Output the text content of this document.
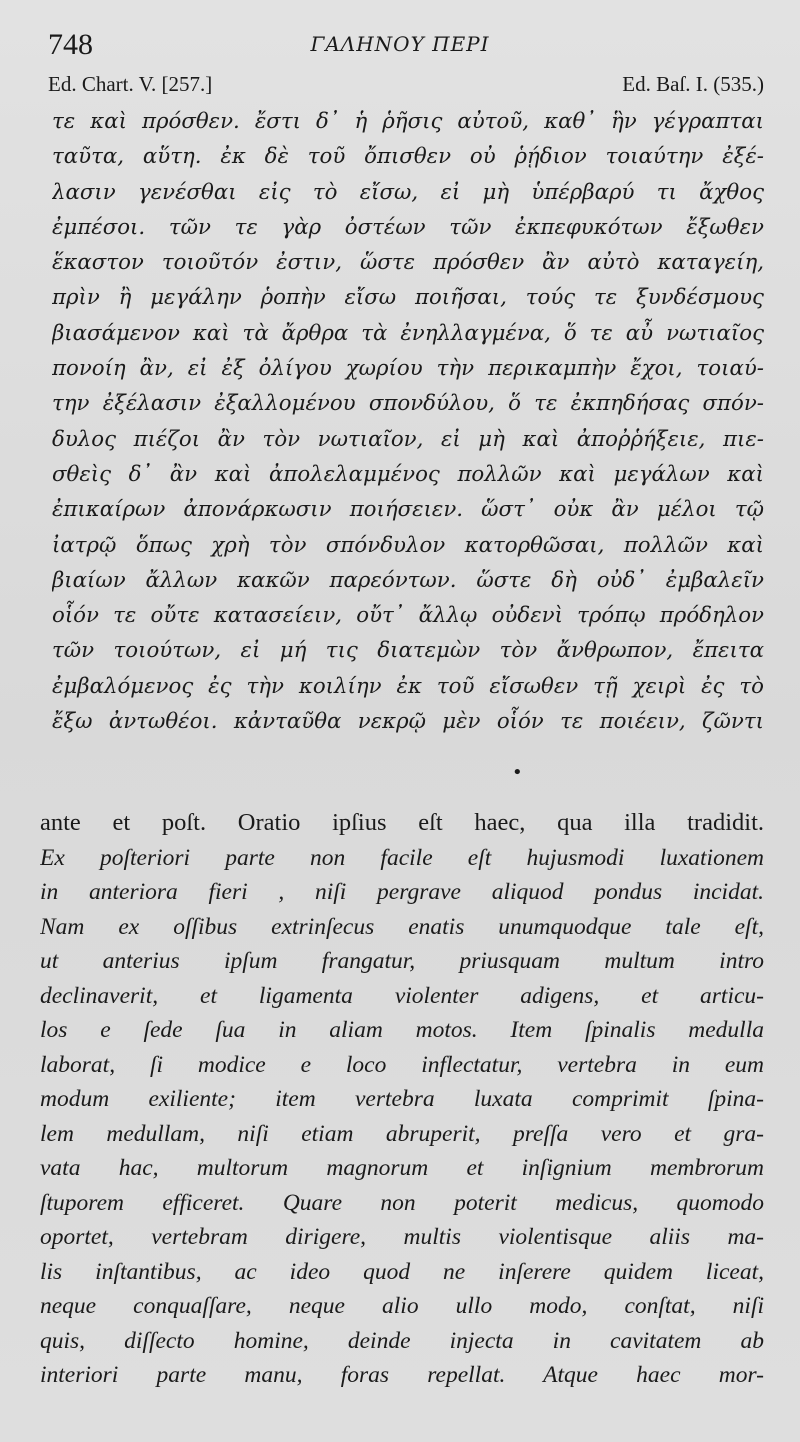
748	ΓΑΛΗΝΟΥ ΠΕΡΙ
Ed. Chart. V. [257.]	Ed. Baſ. I. (535.)
τε καὶ πρόσθεν. ἔστι δ᾽ ἡ ῥῆσις αὐτοῦ, καθ᾽ ἣν γέγραπται
ταῦτα, αὕτη. ἐκ δὲ τοῦ ὄπισθεν οὐ ῥῄδιον τοιαύτην ἐξέ-
λασιν γενέσθαι εἰς τὸ εἴσω, εἰ μὴ ὑπέρβαρύ τι ἄχθος
ἐμπέσοι. τῶν τε γὰρ ὀστέων τῶν ἐκπεφυκότων ἔξωθεν
ἕκαστον τοιοῦτόν ἐστιν, ὥστε πρόσθεν ἂν αὐτὸ καταγείη,
πρὶν ἢ μεγάλην ῥοπὴν εἴσω ποιῆσαι, τούς τε ξυνδέσμους
βιασάμενον καὶ τὰ ἄρθρα τὰ ἐνηλλαγμένα, ὅ τε αὖ νωτιαῖος
πονοίη ἂν, εἰ ἐξ ὀλίγου χωρίου τὴν περικαμπὴν ἔχοι, τοιαύ-
την ἐξέλασιν ἐξαλλομένου σπονδύλου, ὅ τε ἐκπηδήσας σπόν-
δυλος πιέζοι ἂν τὸν νωτιαῖον, εἰ μὴ καὶ ἀποῤῥήξειε, πιε-
σθεὶς δ᾽ ἂν καὶ ἀπολελαμμένος πολλῶν καὶ μεγάλων καὶ
ἐπικαίρων ἀπονάρκωσιν ποιήσειεν. ὥστ᾽ οὐκ ἂν μέλοι τῷ
ἰατρῷ ὅπως χρὴ τὸν σπόνδυλον κατορθῶσαι, πολλῶν καὶ
βιαίων ἄλλων κακῶν παρεόντων. ὥστε δὴ οὐδ᾽ ἐμβαλεῖν
οἷόν τε οὔτε κατασείειν, οὔτ᾽ ἄλλῳ οὐδενὶ τρόπῳ πρόδηλον
τῶν τοιούτων, εἰ μή τις διατεμὼν τὸν ἄνθρωπον, ἔπειτα
ἐμβαλόμενος ἐς τὴν κοιλίην ἐκ τοῦ εἴσωθεν τῇ χειρὶ ἐς τὸ
ἔξω ἀντωθέοι. κἀνταῦθα νεκρῷ μὲν οἷόν τε ποιέειν, ζῶντι
•
ante et poſt. Oratio ipſius eſt haec, qua illa tradidit.
Ex poſteriori parte non facile eſt hujusmodi luxationem
in anteriora fieri , niſi pergrave aliquod pondus incidat.
Nam ex oſſibus extrinſecus enatis unumquodque tale eſt,
ut anterius ipſum frangatur, priusquam multum intro
declinaverit, et ligamenta violenter adigens, et articu-
los e ſede ſua in aliam motos. Item ſpinalis medulla
laborat, ſi modice e loco inflectatur, vertebra in eum
modum exiliente; item vertebra luxata comprimit ſpina-
lem medullam, niſi etiam abruperit, preſſa vero et gra-
vata hac, multorum magnorum et inſignium membrorum
ſtuporem efficeret. Quare non poterit medicus, quomodo
oportet, vertebram dirigere, multis violentisque aliis ma-
lis inſtantibus, ac ideo quod ne inſerere quidem liceat,
neque conquaſſare, neque alio ullo modo, conſtat, niſi
quis, diſſecto homine, deinde injecta in cavitatem ab
interiori parte manu, foras repellat. Atque haec mor-
